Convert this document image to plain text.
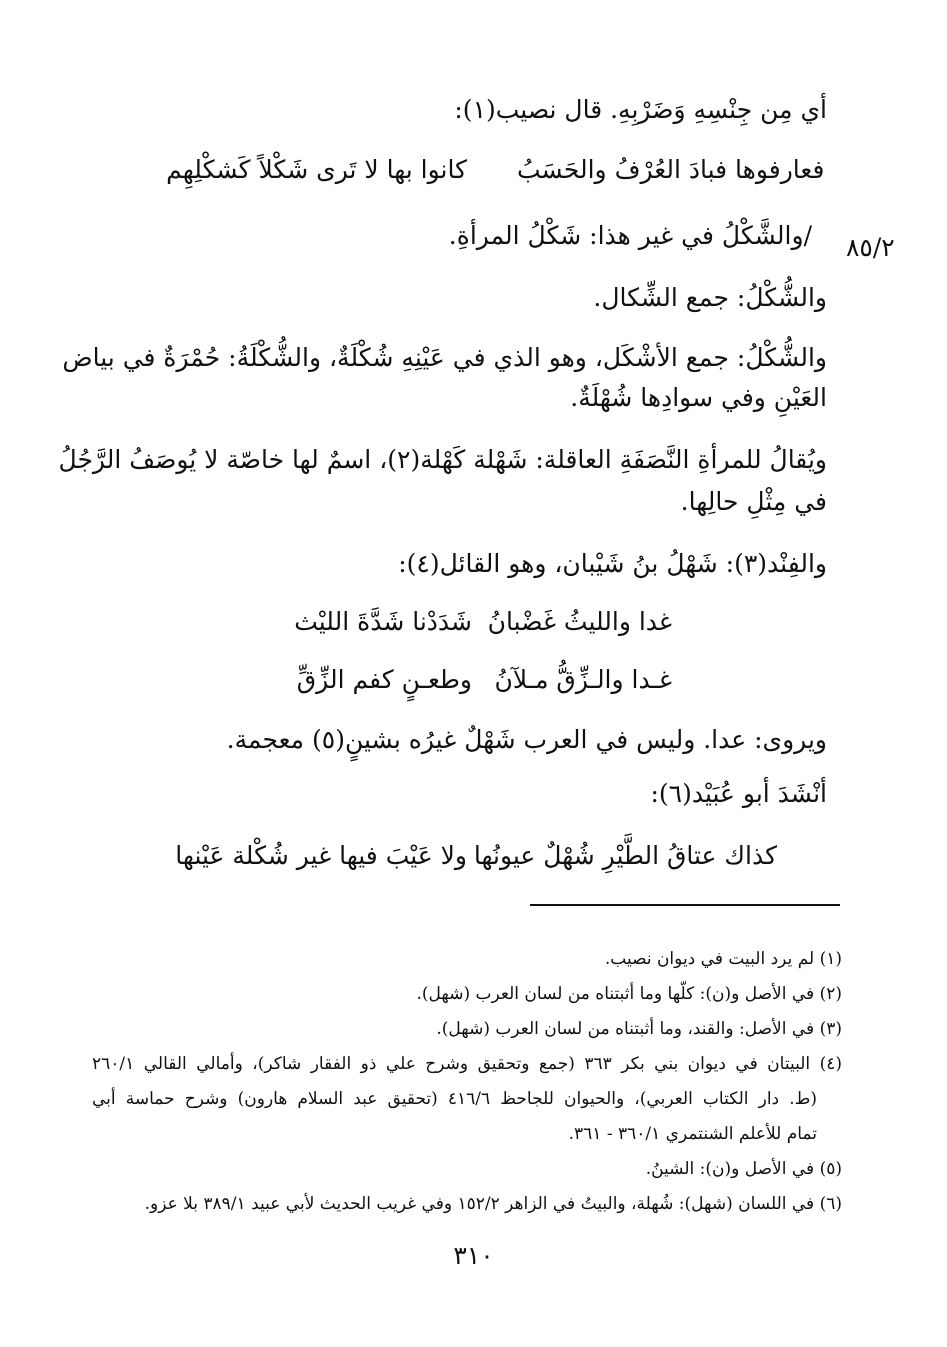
أي مِن جِنْسِهِ وَضَرْبِهِ. قال نصيب(١):

كانوا بها لا تَرى شَكْلاً كَشكْلِهِم فعارفوها فبادَ العُرْفُ والحَسَبُ

/والشَّكْلُ في غير هذا: شَكْلُ المرأةِ. ٨٥/٢

والشُّكْلُ: جمع الشِّكال.

والشُّكْلُ: جمع الأشْكَل، وهو الذي في عَيْنِهِ شُكْلَةٌ، والشُّكْلَةُ: حُمْرَةٌ في بياض

العَيْنِ وفي سوادِها شُهْلَةٌ.

ويُقالُ للمرأةِ النَّصَفَةِ العاقلة: شَهْلة كَهْلة(٢)، اسمٌ لها خاصّة لا يُوصَفُ الرَّجُلُ

في مِثْلِ حالِها.

والفِنْد(٣): شَهْلُ بنُ شَيْبان، وهو القائل(٤):

شَدَدْنا شَدَّةَ الليْث غدا والليثُ غَضْبانُ
وطعـنٍ كفم الزِّقِّ غـدا والـزِّقُّ مـلآنُ

ويروى: عدا. وليس في العرب شَهْلٌ غيرُه بشينٍ(٥) معجمة.

أنْشَدَ أبو عُبَيْد(٦):

ولا عَيْبَ فيها غير شُكْلة عَيْنها كذاك عتاقُ الطَّيْرِ شُهْلٌ عيونُها

(١) لم يرد البيت في ديوان نصيب.

(٢) في الأصل و(ن): كلّها وما أثبتناه من لسان العرب (شهل).

(٣) في الأصل: والقند، وما أثبتناه من لسان العرب (شهل).

(٤) البيتان في ديوان بني بكر ٣٦٣ (جمع وتحقيق وشرح علي ذو الفقار شاكر)، وأمالي القالي ٢٦٠/١

(ط. دار الكتاب العربي)، والحيوان للجاحظ ٤١٦/٦ (تحقيق عبد السلام هارون) وشرح حماسة أبي

تمام للأعلم الشنتمري ٣٦٠/١ - ٣٦١.

(٥) في الأصل و(ن): الشينُ.

(٦) في اللسان (شهل): شُهلة، والبيتُ في الزاهر ١٥٢/٢ وفي غريب الحديث لأبي عبيد ٣٨٩/١ بلا عزو.

٣١٠
